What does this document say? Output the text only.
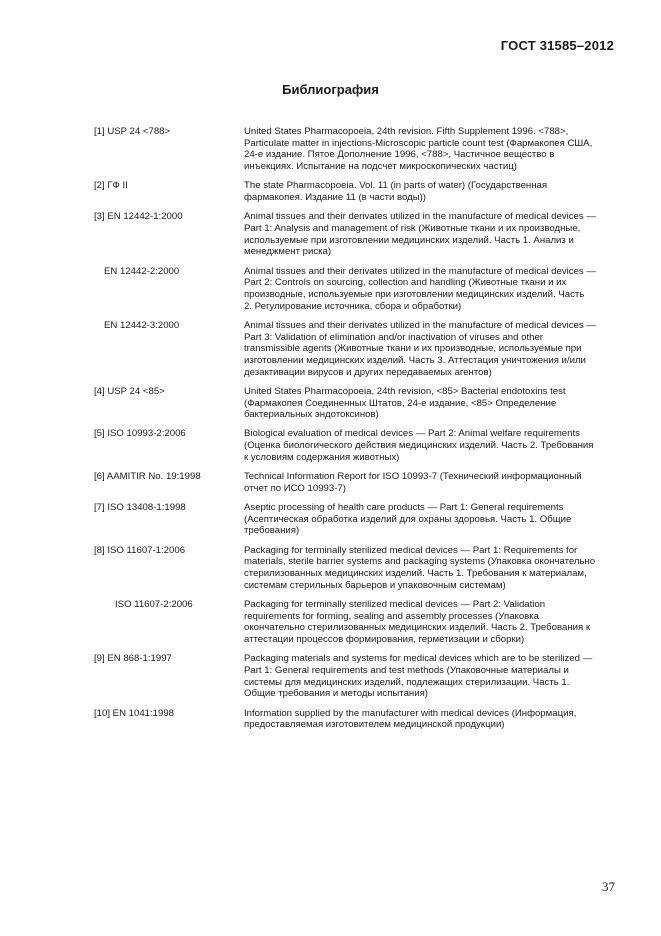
ГОСТ 31585–2012
Библиография
[1] USP 24 <788>	United States Pharmacopoeia, 24th revision. Fifth Supplement 1996. <788>,
Particulate matter in injections-Microscopic particle count test (Фармакопея США,
24-е издание. Пятое Дополнение 1996, <788>, Частичное вещество в
инъекциях. Испытание на подсчет микроскопических частиц)
[2] ГФ II	The state Pharmacopoeia. Vol. 11 (in parts of water) (Государственная
фармакопея. Издание 11 (в части воды))
[3] EN 12442-1:2000	Animal tissues and their derivates utilized in the manufacture of medical devices —
Part 1: Analysis and management of risk (Животные ткани и их производные,
используемые при изготовлении медицинских изделий. Часть 1. Анализ и
менеджмент риска)
EN 12442-2:2000	Animal tissues and their derivates utilized in the manufacture of medical devices —
Part 2: Controls on sourcing, collection and handling (Животные ткани и их
производные, используемые при изготовлении медицинских изделий. Часть
2. Регулирование источника, сбора и обработки)
EN 12442-3:2000	Animal tissues and their derivates utilized in the manufacture of medical devices —
Part 3: Validation of elimination and/or inactivation of viruses and other
transmissible agents (Животные ткани и их производные, используемые при
изготовлении медицинских изделий. Часть 3. Аттестация уничтожения и/или
дезактивации вирусов и других передаваемых агентов)
[4] USP 24 <85>	United States Pharmacopoeia, 24th revision, <85> Bacterial endotoxins test
(Фармакопея Соединенных Штатов, 24-е издание, <85> Определение
бактериальных эндотоксинов)
[5] ISO 10993-2:2006	Biological evaluation of medical devices — Part 2: Animal welfare requirements
(Оценка биологического действия медицинских изделий. Часть 2. Требования
к условиям содержания животных)
[6] AAMITIR No. 19:1998	Technical Information Report for ISO 10993-7 (Технический информационный
отчет по ИСО 10993-7)
[7] ISO 13408-1:1998	Aseptic processing of health care products — Part 1: General requirements
(Асептическая обработка изделий для охраны здоровья. Часть 1. Общие
требования)
[8] ISO 11607-1:2006	Packaging for terminally sterilized medical devices — Part 1: Requirements for
materials, sterile barrier systems and packaging systems (Упаковка окончательно
стерилизованных медицинских изделий. Часть 1. Требования к материалам,
системам стерильных барьеров и упаковочным системам)
ISO 11607-2:2006	Packaging for terminally sterilized medical devices — Part 2: Validation
requirements for forming, sealing and assembly processes (Упаковка
окончательно стерилизованных медицинских изделий. Часть 2. Требования к
аттестации процессов формирования, герметизации и сборки)
[9] EN 868-1:1997	Packaging materials and systems for medical devices which are to be sterilized —
Part 1: General requirements and test methods (Упаковочные материалы и
системы для медицинских изделий, подлежащих стерилизации. Часть 1.
Общие требования и методы испытания)
[10] EN 1041:1998	Information supplied by the manufacturer with medical devices (Информация,
предоставляемая изготовителем медицинской продукции)
37
